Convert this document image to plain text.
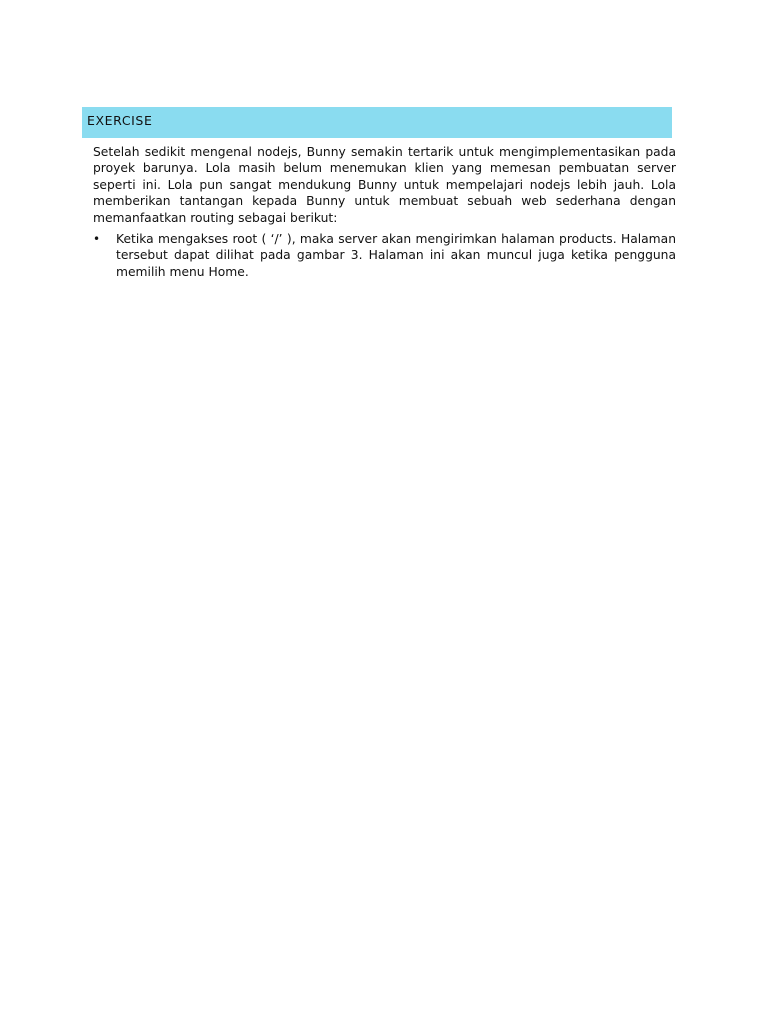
EXERCISE

Setelah sedikit mengenal nodejs, Bunny semakin tertarik untuk mengimplementasikan pada proyek barunya. Lola masih belum menemukan klien yang memesan pembuatan server seperti ini. Lola pun sangat mendukung Bunny untuk mempelajari nodejs lebih jauh. Lola memberikan tantangan kepada Bunny untuk membuat sebuah web sederhana dengan memanfaatkan routing sebagai berikut:

• Ketika mengakses root ( ‘/’ ), maka server akan mengirimkan halaman products. Halaman tersebut dapat dilihat pada gambar 3. Halaman ini akan muncul juga ketika pengguna memilih menu Home.
